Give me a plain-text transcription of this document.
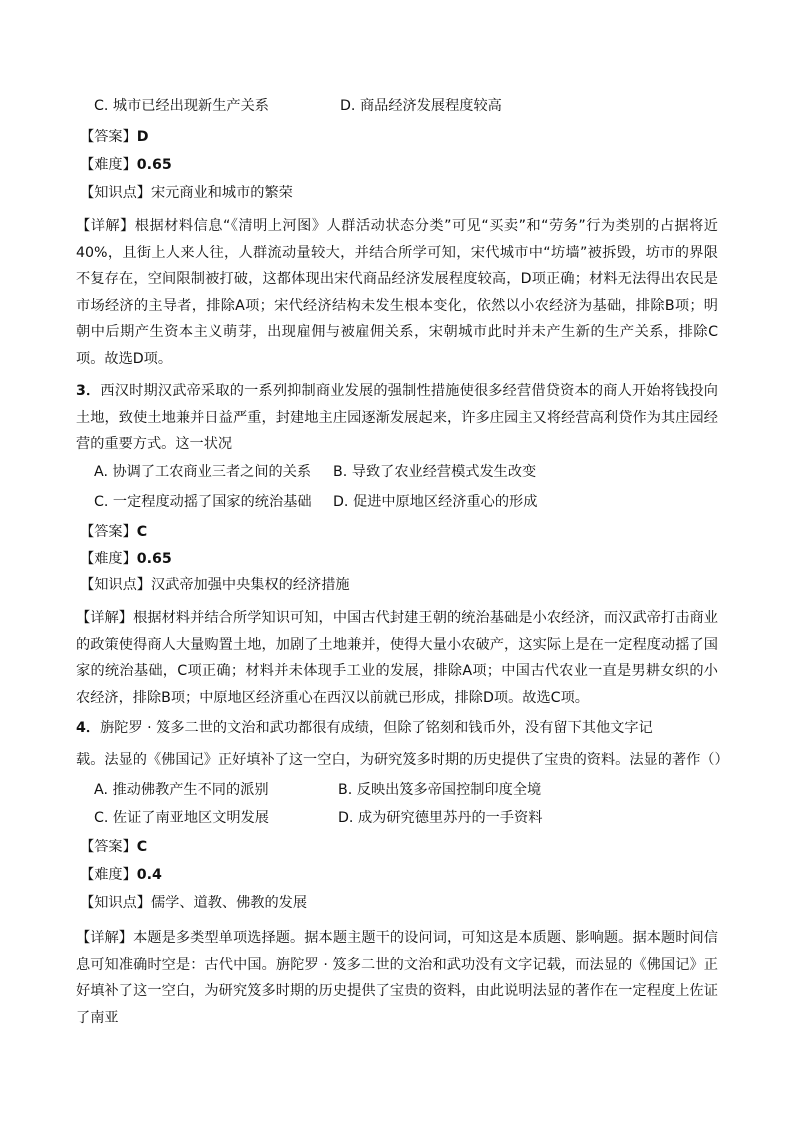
C. 城市已经出现新生产关系	D. 商品经济发展程度较高
【答案】D
【难度】0.65
【知识点】宋元商业和城市的繁荣
【详解】根据材料信息“《清明上河图》人群活动状态分类”可见“买卖”和“劳务”行为类别的占据将近40%，且街上人来人往，人群流动量较大，并结合所学可知，宋代城市中“坊墙”被拆毁，坊市的界限不复存在，空间限制被打破，这都体现出宋代商品经济发展程度较高，D项正确；材料无法得出农民是市场经济的主导者，排除A项；宋代经济结构未发生根本变化，依然以小农经济为基础，排除B项；明朝中后期产生资本主义萌芽，出现雇佣与被雇佣关系，宋朝城市此时并未产生新的生产关系，排除C项。故选D项。
3．西汉时期汉武帝采取的一系列抑制商业发展的强制性措施使很多经营借贷资本的商人开始将钱投向土地，致使土地兼并日益严重，封建地主庄园逐渐发展起来，许多庄园主又将经营高利贷作为其庄园经营的重要方式。这一状况
A. 协调了工农商业三者之间的关系 B. 导致了农业经营模式发生改变
C. 一定程度动摇了国家的统治基础 D. 促进中原地区经济重心的形成
【答案】C
【难度】0.65
【知识点】汉武帝加强中央集权的经济措施
【详解】根据材料并结合所学知识可知，中国古代封建王朝的统治基础是小农经济，而汉武帝打击商业的政策使得商人大量购置土地，加剧了土地兼并，使得大量小农破产，这实际上是在一定程度动摇了国家的统治基础，C项正确；材料并未体现手工业的发展，排除A项；中国古代农业一直是男耕女织的小农经济，排除B项；中原地区经济重心在西汉以前就已形成，排除D项。故选C项。
4．旃陀罗 · 笈多二世的文治和武功都很有成绩，但除了铭刻和钱币外，没有留下其他文字记
载。法显的《佛国记》正好填补了这一空白，为研究笈多时期的历史提供了宝贵的资料。法显的著作（）
A. 推动佛教产生不同的派别	B. 反映出笈多帝国控制印度全境
C. 佐证了南亚地区文明发展	D. 成为研究德里苏丹的一手资料
【答案】C
【难度】0.4
【知识点】儒学、道教、佛教的发展
【详解】本题是多类型单项选择题。据本题主题干的设问词，可知这是本质题、影响题。据本题时间信息可知准确时空是：古代中国。旃陀罗 · 笈多二世的文治和武功没有文字记载，而法显的《佛国记》正好填补了这一空白，为研究笈多时期的历史提供了宝贵的资料，由此说明法显的著作在一定程度上佐证了南亚
